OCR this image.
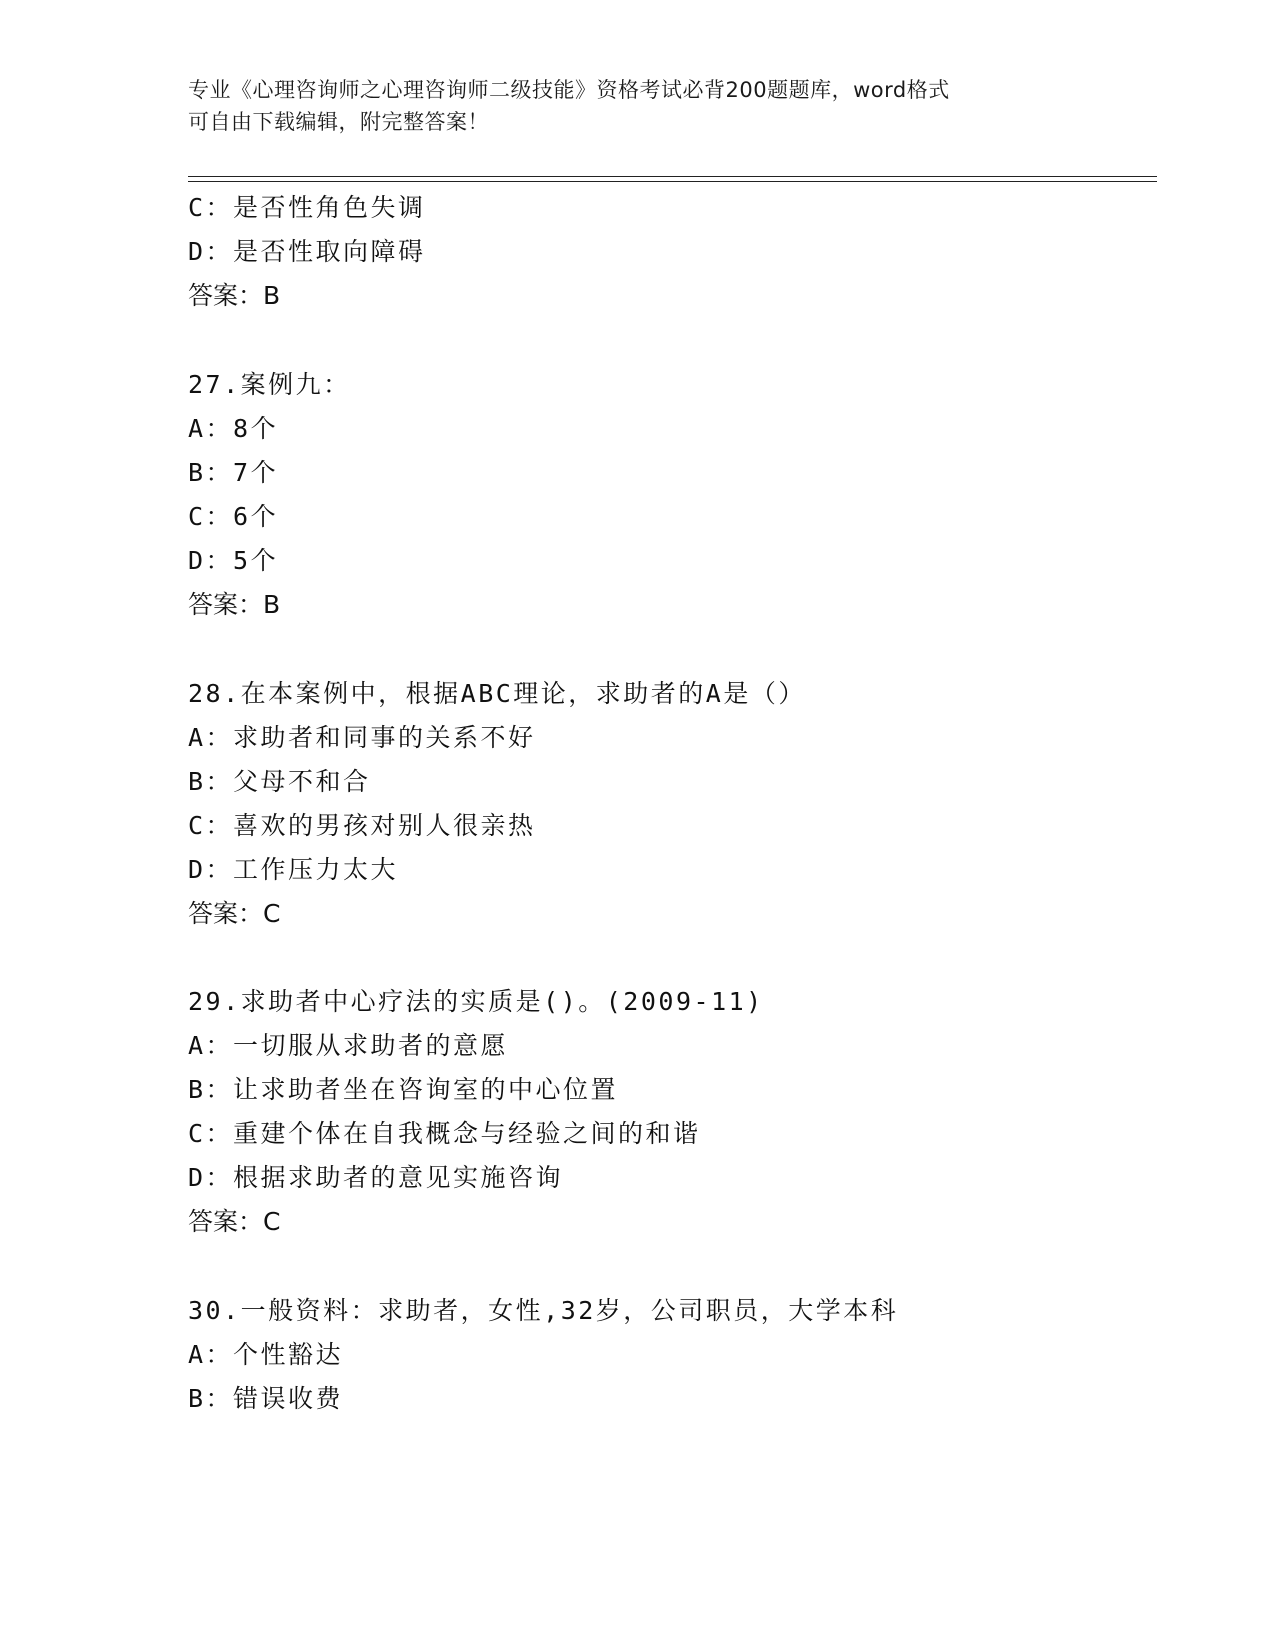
专业《心理咨询师之心理咨询师二级技能》资格考试必背200题题库，word格式
可自由下载编辑，附完整答案！
C：是否性角色失调
D：是否性取向障碍
答案：B
27.案例九：
A：8个
B：7个
C：6个
D：5个
答案：B
28.在本案例中，根据ABC理论，求助者的A是（）
A：求助者和同事的关系不好
B：父母不和合
C：喜欢的男孩对别人很亲热
D：工作压力太大
答案：C
29.求助者中心疗法的实质是()。(2009-11)
A：一切服从求助者的意愿
B：让求助者坐在咨询室的中心位置
C：重建个体在自我概念与经验之间的和谐
D：根据求助者的意见实施咨询
答案：C
30.一般资料：求助者，女性,32岁，公司职员，大学本科
A：个性豁达
B：错误收费
